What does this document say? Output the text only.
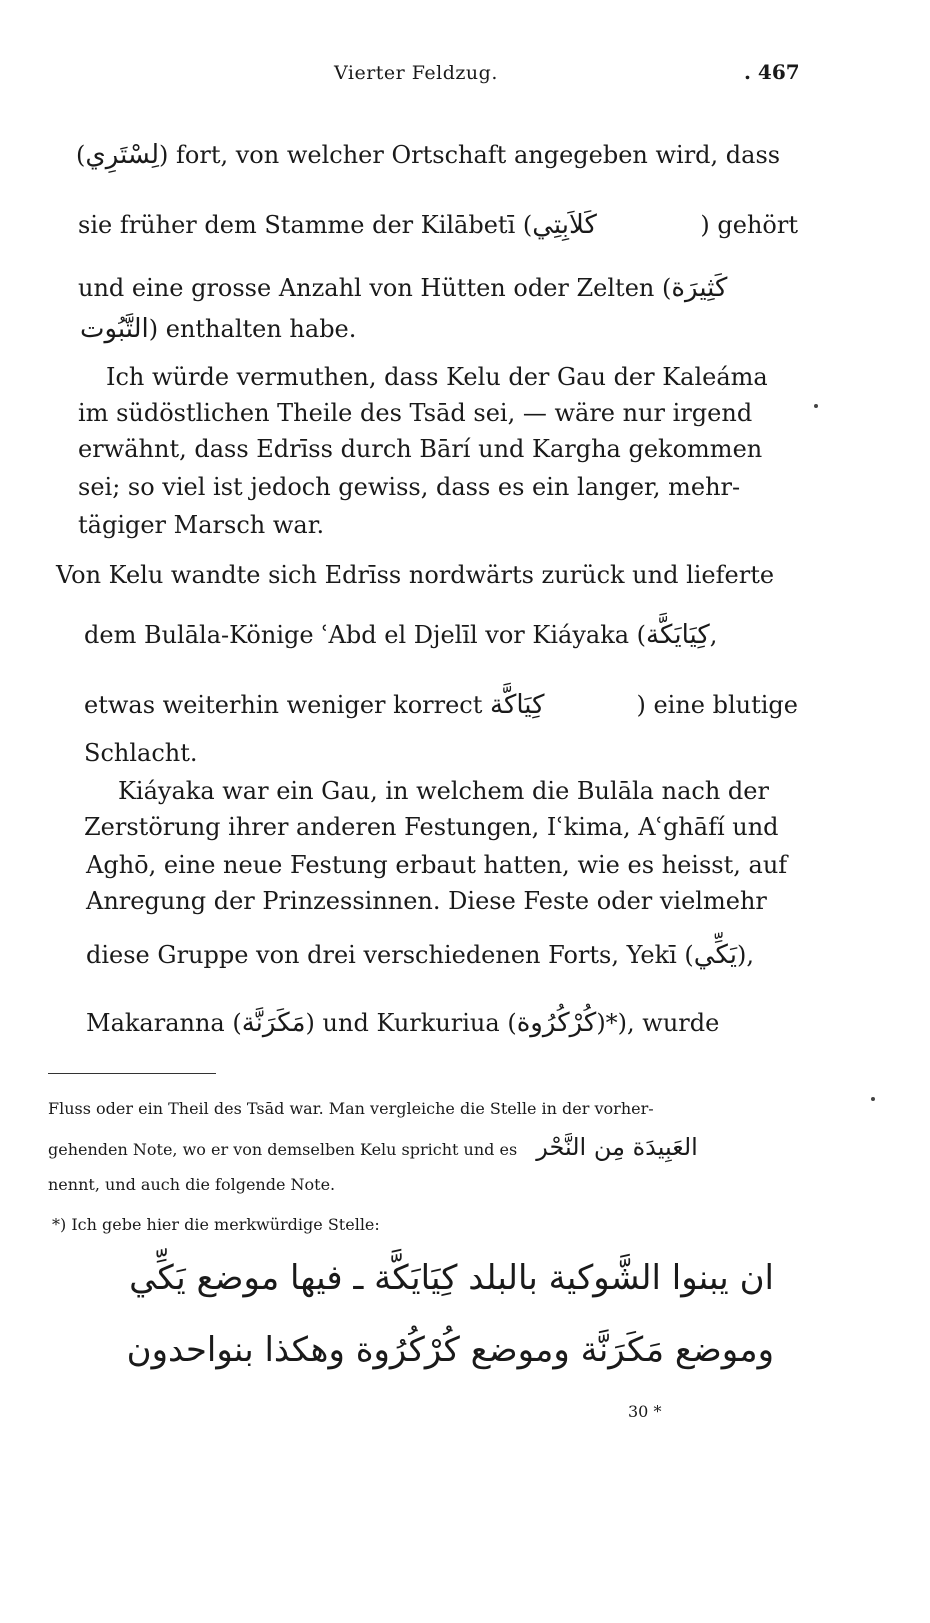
Vierter Feldzug.	. 467
(لِسْتَرِي) fort, von welcher Ortschaft angegeben wird, dass
sie früher dem Stamme der Kilābetī (كَلاَبِتِي	) gehört
und eine grosse Anzahl von Hütten oder Zelten (كَثِيرَة
التَّبُوت) enthalten habe.
Ich würde vermuthen, dass Kelu der Gau der Kaleáma
im südöstlichen Theile des Tsād sei, — wäre nur irgend
erwähnt, dass Edrīss durch Bārí und Kargha gekommen
sei; so viel ist jedoch gewiss, dass es ein langer, mehr-
tägiger Marsch war.
Von Kelu wandte sich Edrīss nordwärts zurück und lieferte
dem Bulāla-Könige ʿAbd el Djelīl vor Kiáyaka (كِيَايَكَّة,
etwas weiterhin weniger korrect كِيَاكَّة	) eine blutige
Schlacht.
Kiáyaka war ein Gau, in welchem die Bulāla nach der
Zerstörung ihrer anderen Festungen, Iʿkima, Aʿghāfí und
Aghō, eine neue Festung erbaut hatten, wie es heisst, auf
Anregung der Prinzessinnen. Diese Feste oder vielmehr
diese Gruppe von drei verschiedenen Forts, Yekī (يَكِّي),
Makaranna (مَكَرَنَّة) und Kurkuriua (كُرْكُرُوة)*), wurde
Fluss oder ein Theil des Tsād war. Man vergleiche die Stelle in der vorher-
gehenden Note, wo er von demselben Kelu spricht und es العَبِيدَة مِن النَّحْر
nennt, und auch die folgende Note.
*) Ich gebe hier die merkwürdige Stelle:
ان يبنوا الشَّوكية بالبلد كِيَايَكَّة ـ فيها موضع يَكِّي
وموضع مَكَرَنَّة وموضع كُرْكُرُوة وهكذا بنواحدون
30 *
